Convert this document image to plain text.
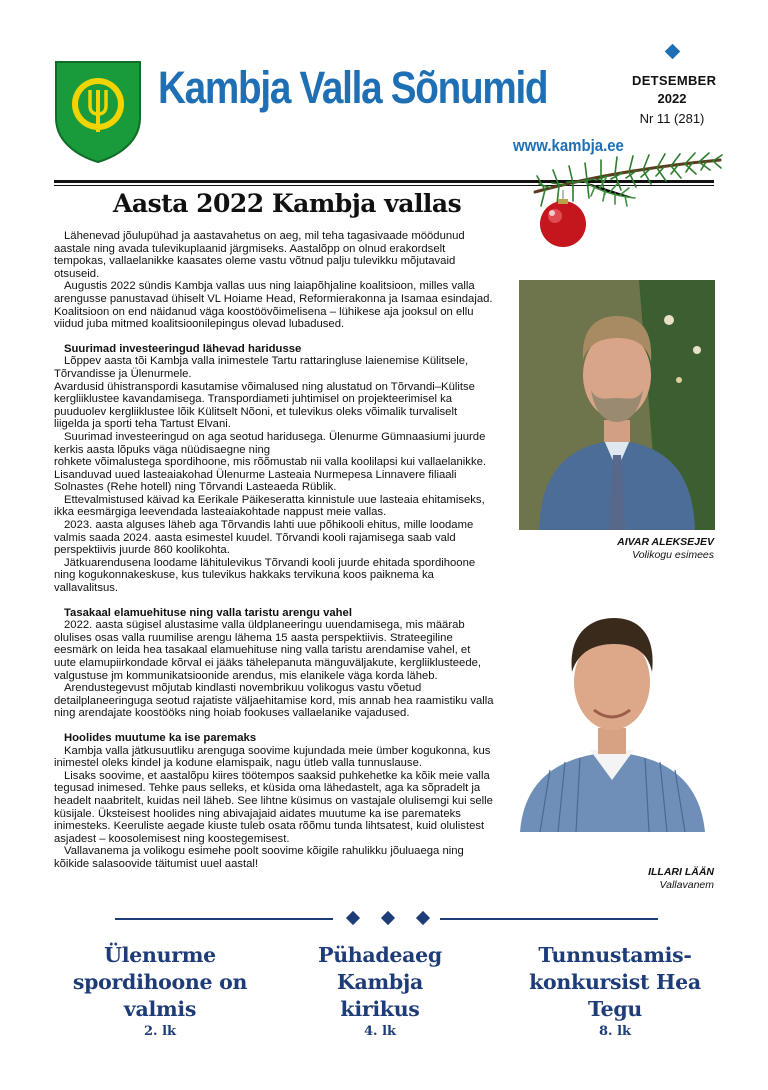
Kambja Valla Sõnumid
www.kambja.ee
DETSEMBER
2022
Nr 11 (281)
Aasta 2022 Kambja vallas

Lähenevad jõulupühad ja aastavahetus on aeg, mil teha tagasivaade möödunud aastale ning avada tulevikuplaanid järgmiseks. Aastalõpp on olnud erakordselt tempokas, vallaelanikke kaasates oleme vastu võtnud palju tulevikku mõjutavaid otsuseid.

Augustis 2022 sündis Kambja vallas uus ning laiapõhjaline koalitsioon, milles valla arengusse panustavad ühiselt VL Hoiame Head, Reformierakonna ja Isamaa esindajad. Koalitsioon on end näidanud väga koostöövõimelisena – lühikese aja jooksul on ellu viidud juba mitmed koalitsioonilepingus olevad lubadused.

Suurimad investeeringud lähevad haridusse

Lõppev aasta tõi Kambja valla inimestele Tartu rattaringluse laienemise Külitsele, Tõrvandisse ja Ülenurmele.

Avardusid ühistranspordi kasutamise võimalused ning alustatud on Tõrvandi–Külitse kergliiklustee kavandamisega. Transpordiameti juhtimisel on projekteerimisel ka puuduolev kergliiklustee lõik Külitselt Nõoni, et tulevikus oleks võimalik turvaliselt liigelda ja sporti teha Tartust Elvani.

Suurimad investeeringud on aga seotud haridusega. Ülenurme Gümnaasiumi juurde kerkis aasta lõpuks väga nüüdisaegne ning

rohkete võimalustega spordihoone, mis rõõmustab nii valla koolilapsi kui vallaelanikke. Lisanduvad uued lasteaiakohad Ülenurme Lasteaia Nurmepesa Linnavere filiaali Solnastes (Rehe hotell) ning Tõrvandi Lasteaeda Rüblik.

Ettevalmistused käivad ka Eerikale Päikeseratta kinnistule uue lasteaia ehitamiseks, ikka eesmärgiga leevendada lasteaiakohtade nappust meie vallas.

2023. aasta alguses läheb aga Tõrvandis lahti uue põhikooli ehitus, mille loodame valmis saada 2024. aasta esimestel kuudel. Tõrvandi kooli rajamisega saab vald perspektiivis juurde 860 koolikohta.

Jätkuarendusena loodame lähitulevikus Tõrvandi kooli juurde ehitada spordihoone ning kogukonnakeskuse, kus tulevikus hakkaks tervikuna koos paiknema ka vallavalitsus.

Tasakaal elamuehituse ning valla taristu arengu vahel

2022. aasta sügisel alustasime valla üldplaneeringu uuendamisega, mis määrab olulises osas valla ruumilise arengu lähema 15 aasta perspektiivis. Strateegiline eesmärk on leida hea tasakaal elamuehituse ning valla taristu arendamise vahel, et uute elamupiirkondade kõrval ei jääks tähelepanuta mänguväljakute, kergliiklusteede, valgustuse jm kommunikatsioonide arendus, mis elanikele väga korda läheb.

Arendustegevust mõjutab kindlasti novembrikuu volikogus vastu võetud detailplaneeringuga seotud rajatiste väljaehitamise kord, mis annab hea raamistiku valla ning arendajate koostööks ning hoiab fookuses vallaelanike vajadused.

Hoolides muutume ka ise paremaks

Kambja valla jätkusuutliku arenguga soovime kujundada meie ümber kogukonna, kus inimestel oleks kindel ja kodune elamispaik, nagu ütleb valla tunnuslause.

Lisaks soovime, et aastalõpu kiires töötempos saaksid puhkehetke ka kõik meie valla tegusad inimesed. Tehke paus selleks, et küsida oma lähedastelt, aga ka sõpradelt ja headelt naabritelt, kuidas neil läheb. See lihtne küsimus on vastajale olulisemgi kui selle küsijale. Üksteisest hoolides ning abivajajaid aidates muutume ka ise paremateks inimesteks. Keeruliste aegade kiuste tuleb osata rõõmu tunda lihtsatest, kuid olulistest asjadest – koosolemisest ning koostegemisest.

Vallavanema ja volikogu esimehe poolt soovime kõigile rahulikku jõuluaega ning kõikide salasoovide täitumist uuel aastal!

AIVAR ALEKSEJEV
Volikogu esimees
ILLARI LÄÄN
Vallavanem
Ülenurme
spordihoone on
valmis
2. lk
Pühadeaeg
Kambja
kirikus
4. lk
Tunnustamis-
konkursist Hea
Tegu
8. lk
